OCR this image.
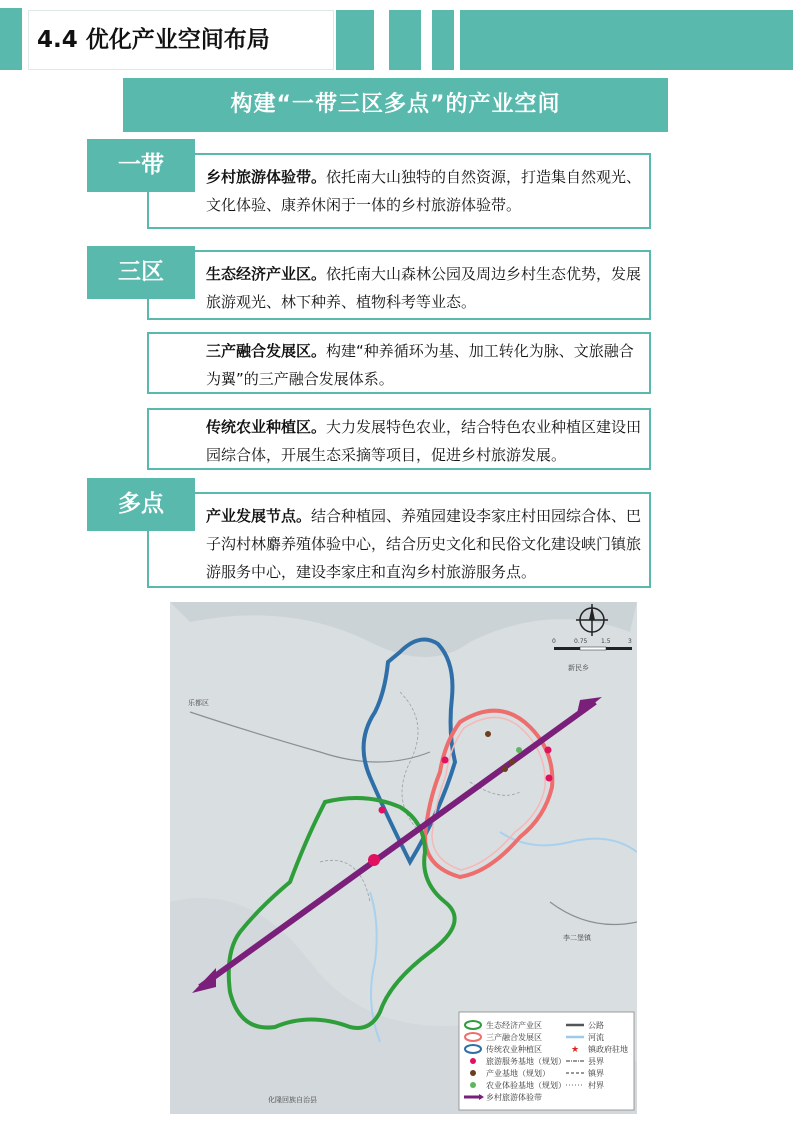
4.4 优化产业空间布局
构建“一带三区多点”的产业空间
乡村旅游体验带。依托南大山独特的自然资源，打造集自然观光、文化体验、康养休闲于一体的乡村旅游体验带。
一带
生态经济产业区。依托南大山森林公园及周边乡村生态优势，发展旅游观光、林下种养、植物科考等业态。
三区
三产融合发展区。构建“种养循环为基、加工转化为脉、文旅融合为翼”的三产融合发展体系。
传统农业种植区。大力发展特色农业，结合特色农业种植区建设田园综合体，开展生态采摘等项目，促进乡村旅游发展。
产业发展节点。结合种植园、养殖园建设李家庄村田园综合体、巴子沟村林麝养殖体验中心，结合历史文化和民俗文化建设峡门镇旅游服务中心，建设李家庄和直沟乡村旅游服务点。
多点
乐都区
新民乡
李二堡镇
化隆回族自治县
0	0.75 1.5	3
★
生态经济产业区
三产融合发展区
传统农业种植区
旅游服务基地（规划）
产业基地（规划）
农业体验基地（规划）
乡村旅游体验带
公路
河流
镇政府驻地
县界
镇界
村界
